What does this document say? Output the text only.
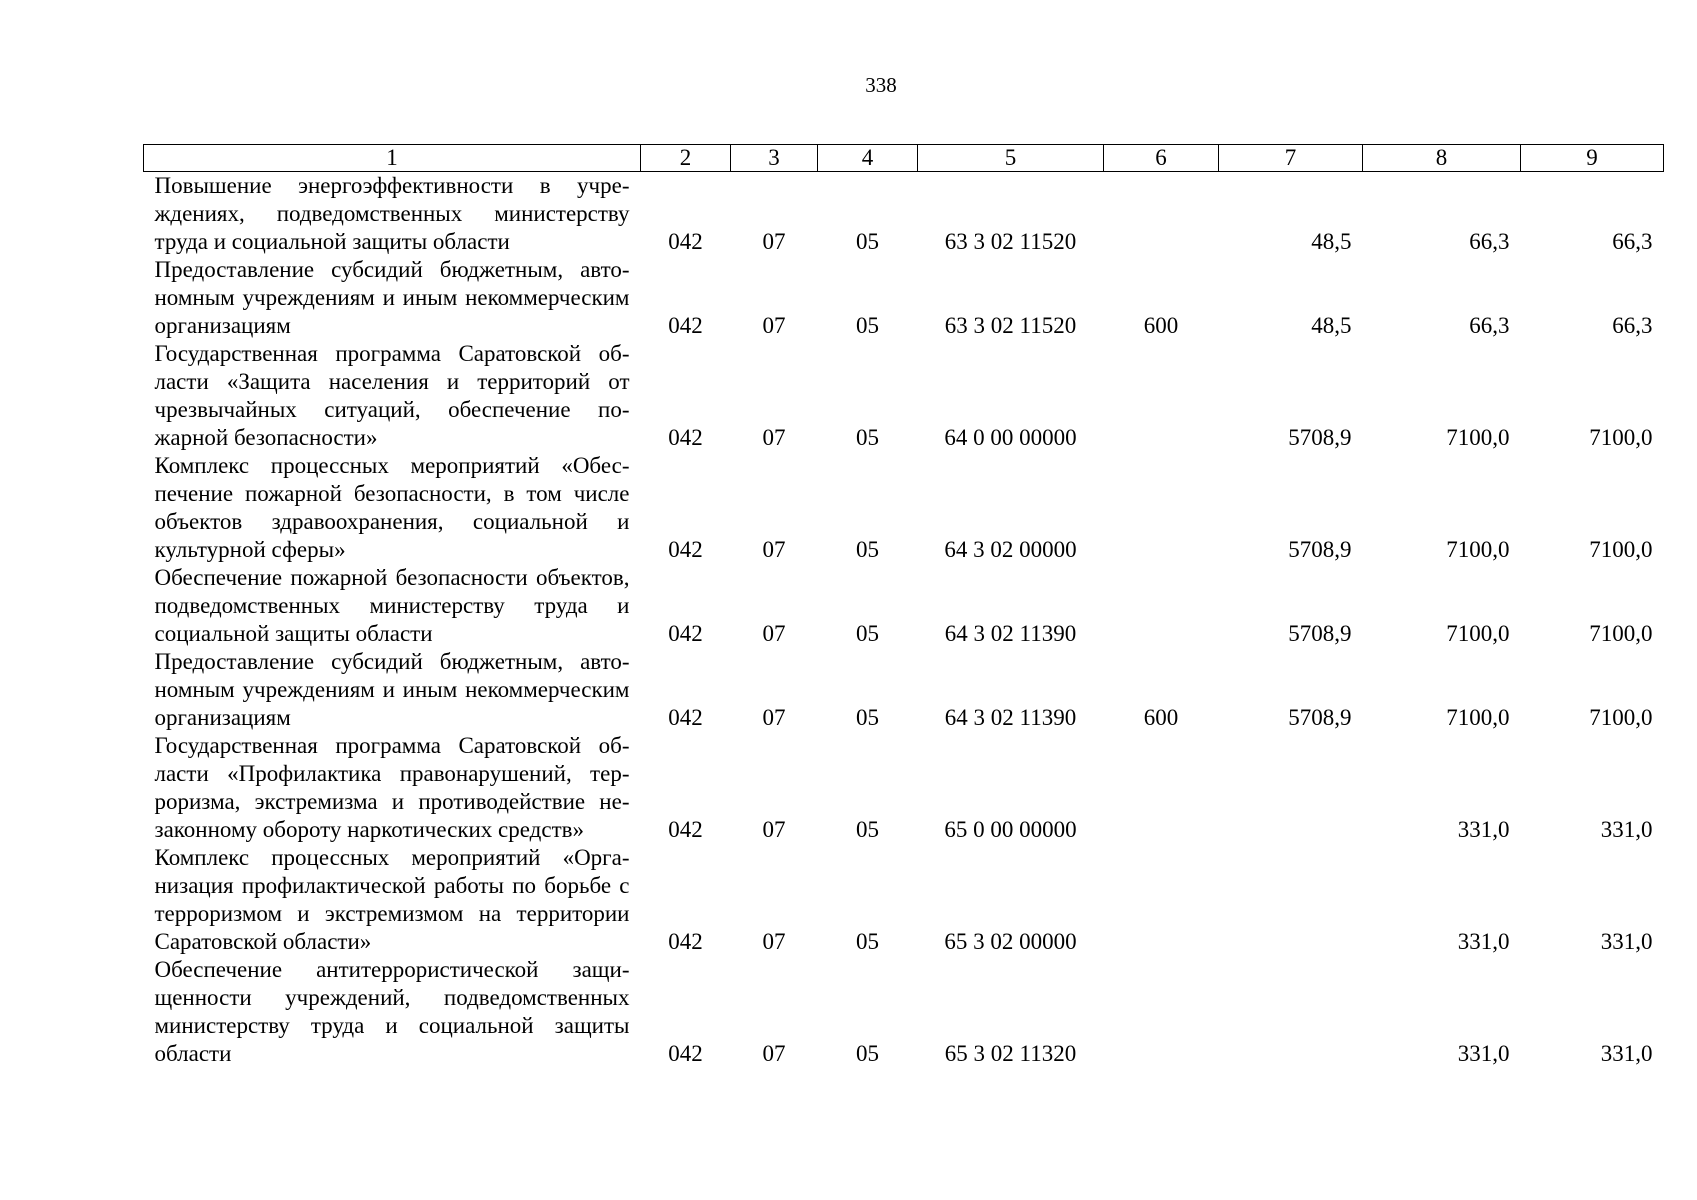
338
1	2	3	4	5	6	7	8	9
Повышение энергоэффективности в учреждениях, подведомственных министерству труда и социальной защиты области	042	07	05	63 3 02 11520		48,5	66,3	66,3
Предоставление субсидий бюджетным, автономным учреждениям и иным некоммерческим организациям	042	07	05	63 3 02 11520	600	48,5	66,3	66,3
Государственная программа Саратовской области «Защита населения и территорий от чрезвычайных ситуаций, обеспечение пожарной безопасности»	042	07	05	64 0 00 00000		5708,9	7100,0	7100,0
Комплекс процессных мероприятий «Обеспечение пожарной безопасности, в том числе объектов здравоохранения, социальной и культурной сферы»	042	07	05	64 3 02 00000		5708,9	7100,0	7100,0
Обеспечение пожарной безопасности объектов, подведомственных министерству труда и социальной защиты области	042	07	05	64 3 02 11390		5708,9	7100,0	7100,0
Предоставление субсидий бюджетным, автономным учреждениям и иным некоммерческим организациям	042	07	05	64 3 02 11390	600	5708,9	7100,0	7100,0
Государственная программа Саратовской области «Профилактика правонарушений, терроризма, экстремизма и противодействие незаконному обороту наркотических средств»	042	07	05	65 0 00 00000			331,0	331,0
Комплекс процессных мероприятий «Организация профилактической работы по борьбе с терроризмом и экстремизмом на территории Саратовской области»	042	07	05	65 3 02 00000			331,0	331,0
Обеспечение антитеррористической защищенности учреждений, подведомственных министерству труда и социальной защиты области	042	07	05	65 3 02 11320			331,0	331,0
